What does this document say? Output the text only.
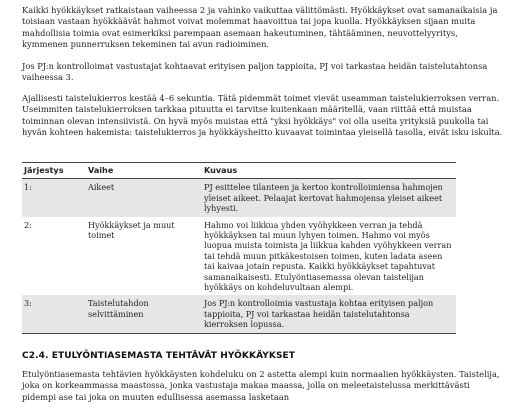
Kaikki hyökkäykset ratkaistaan vaiheessa 2 ja vahinko vaikuttaa välittömästi. Hyökkäykset ovat samanaikaisia ja toisiaan vastaan hyökkäävät hahmot voivat molemmat haavoittua tai jopa kuolla. Hyökkäyksen sijaan muita mahdollisia toimia ovat esimerkiksi parempaan asemaan hakeutuminen, tähtääminen, neuvottelyyritys, kymmenen punnerruksen tekeminen tai avun radioiminen.

Jos PJ:n kontrolloimat vastustajat kohtaavat erityisen paljon tappioita, PJ voi tarkastaa heidän taistelutahtonsa vaiheessa 3.

Ajallisesti taistelukierros kestää 4–6 sekuntia. Tätä pidemmät toimet vievät useamman taistelukierroksen verran. Useimmiten taistelukierroksen tarkkaa pituutta ei tarvitse kuitenkaan määritellä, vaan riittää että muistaa toiminnan olevan intensiivistä. On hyvä myös muistaa että "yksi hyökkäys" voi olla useita yrityksiä puukolla tai hyvän kohteen hakemista: taistelukierros ja hyökkäysheitto kuvaavat toimintaa yleisellä tasolla, eivät isku iskulta.

Järjestys	Vaihe	Kuvaus
1:	Aikeet	PJ esittelee tilanteen ja kertoo kontrolloimiensa hahmojen yleiset aikeet. Pelaajat kertovat hahmojensa yleiset aikeet lyhyesti.
2:	Hyökkäykset ja muut toimet	Hahmo voi liikkua yhden vyöhykkeen verran ja tehdä hyökkäyksen tai muun lyhyen toimen. Hahmo voi myös luopua muista toimista ja liikkua kahden vyöhykkeen verran tai tehdä muun pitkäkestoisen toimen, kuten ladata aseen tai kaivaa jotain repusta. Kaikki hyökkäykset tapahtuvat samanaikaisesti. Etulyöntiasemassa olevan taistelijan hyökkäys on kohdeluvultaan alempi.
3:	Taistelutahdon selvittäminen	Jos PJ:n kontrolloimia vastustaja kohtaa erityisen paljon tappioita, PJ voi tarkastaa heidän taistelutahtonsa kierroksen lopussa.
C2.4. ETULYÖNTIASEMASTA TEHTÄVÄT HYÖKKÄYKSET

Etulyöntiasemasta tehtävien hyökkäysten kohdeluku on 2 astetta alempi kuin normaalien hyökkäysten. Taistelija, joka on korkeammassa maastossa, jonka vastustaja makaa maassa, jolla on meleetaistelussa merkittävästi pidempi ase tai joka on muuten edullisessa asemassa lasketaan
